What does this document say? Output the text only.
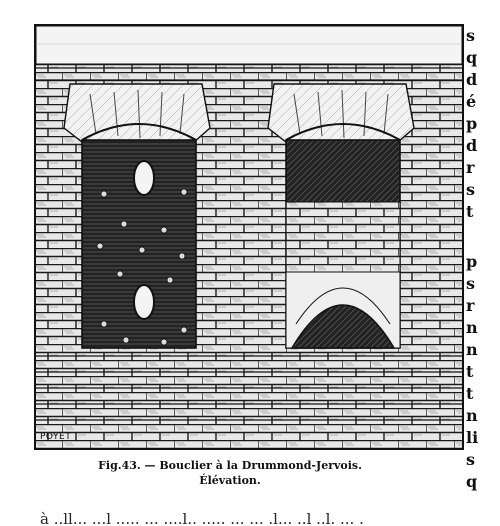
POYET
Fig.43. — Bouclier à la Drummond-Jervois.
Élévation.
s
q
d
é
p
d
r
s
t
p
s
r
n
n
t
t
n
li
s
q
à ..ll... ...l ..... ... ....l.. ..... ... ... .l... ..l ..l. ... .
